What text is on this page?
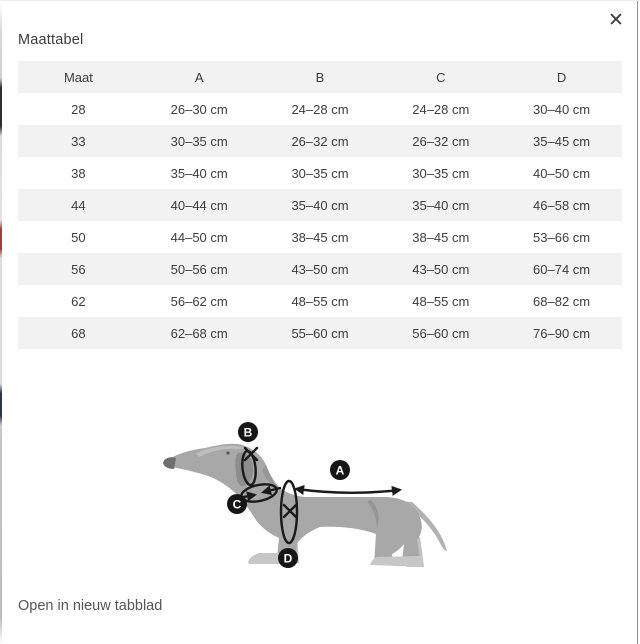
Maattabel
✕
Maat	A	B	C	D
28	26–30 cm	24–28 cm	24–28 cm	30–40 cm
33	30–35 cm	26–32 cm	26–32 cm	35–45 cm
38	35–40 cm	30–35 cm	30–35 cm	40–50 cm
44	40–44 cm	35–40 cm	35–40 cm	46–58 cm
50	44–50 cm	38–45 cm	38–45 cm	53–66 cm
56	50–56 cm	43–50 cm	43–50 cm	60–74 cm
62	56–62 cm	48–55 cm	48–55 cm	68–82 cm
68	62–68 cm	55–60 cm	56–60 cm	76–90 cm
B
C
A
D
Open in nieuw tabblad
